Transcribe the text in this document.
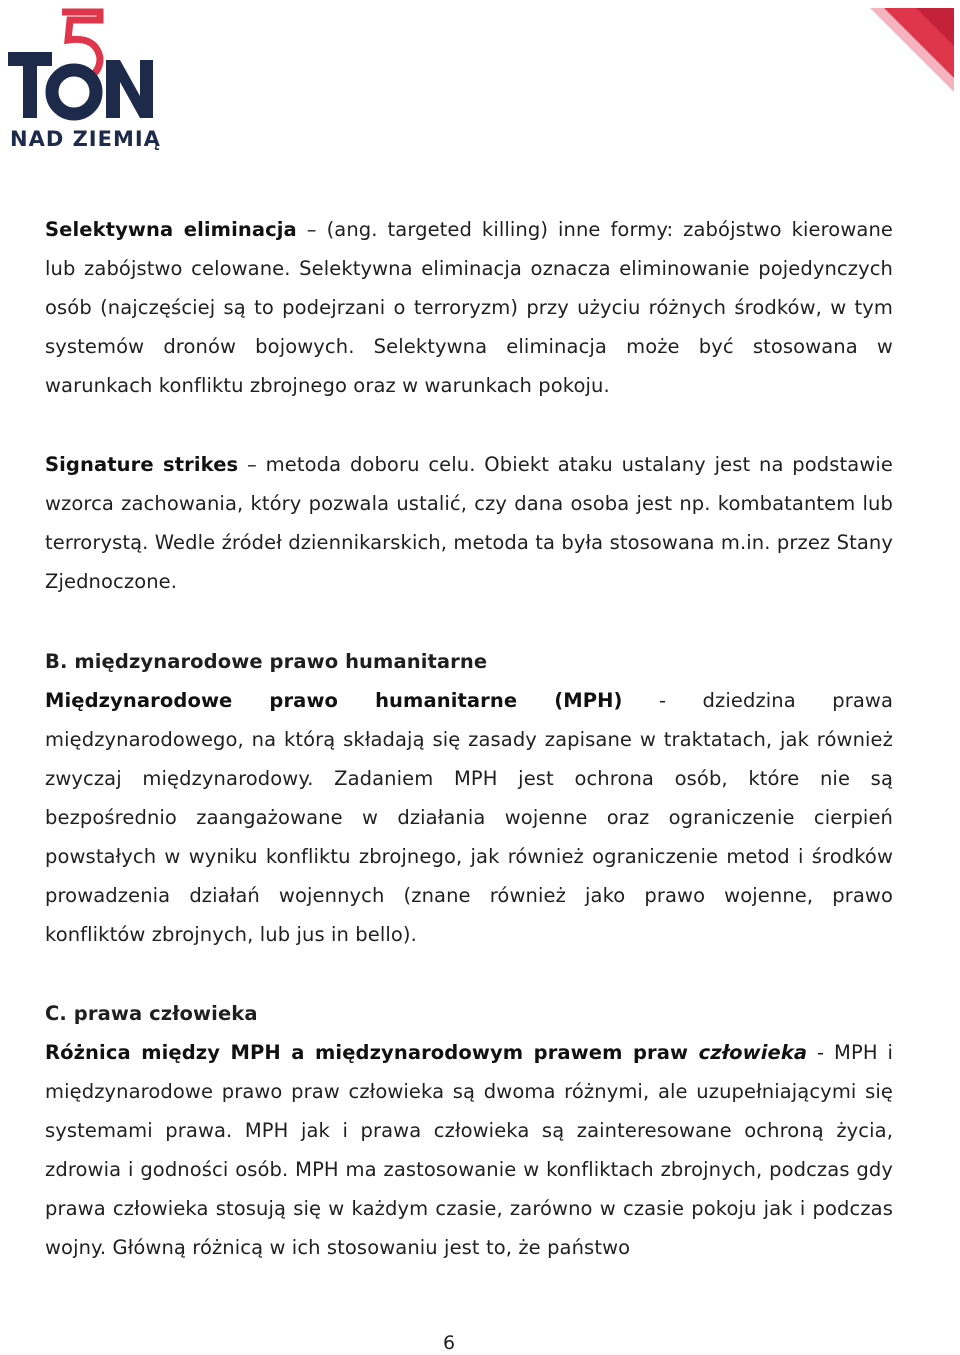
NAD ZIEMIĄ

Selektywna eliminacja – (ang. targeted killing) inne formy: zabójstwo kierowane lub zabójstwo celowane. Selektywna eliminacja oznacza eliminowanie pojedynczych osób (najczęściej są to podejrzani o terroryzm) przy użyciu różnych środków, w tym systemów dronów bojowych. Selektywna eliminacja może być stosowana w warunkach konfliktu zbrojnego oraz w warunkach pokoju.

Signature strikes – metoda doboru celu. Obiekt ataku ustalany jest na podstawie wzorca zachowania, który pozwala ustalić, czy dana osoba jest np. kombatantem lub terrorystą. Wedle źródeł dziennikarskich, metoda ta była stosowana m.in. przez Stany Zjednoczone.

B. międzynarodowe prawo humanitarne

Międzynarodowe prawo humanitarne (MPH) - dziedzina prawa międzynarodowego, na którą składają się zasady zapisane w traktatach, jak również zwyczaj międzynarodowy. Zadaniem MPH jest ochrona osób, które nie są bezpośrednio zaangażowane w działania wojenne oraz ograniczenie cierpień powstałych w wyniku konfliktu zbrojnego, jak również ograniczenie metod i środków prowadzenia działań wojennych (znane również jako prawo wojenne, prawo konfliktów zbrojnych, lub jus in bello).

C. prawa człowieka

Różnica między MPH a międzynarodowym prawem praw człowieka - MPH i międzynarodowe prawo praw człowieka są dwoma różnymi, ale uzupełniającymi się systemami prawa. MPH jak i prawa człowieka są zainteresowane ochroną życia, zdrowia i godności osób. MPH ma zastosowanie w konfliktach zbrojnych, podczas gdy prawa człowieka stosują się w każdym czasie, zarówno w czasie pokoju jak i podczas wojny. Główną różnicą w ich stosowaniu jest to, że państwo

6
